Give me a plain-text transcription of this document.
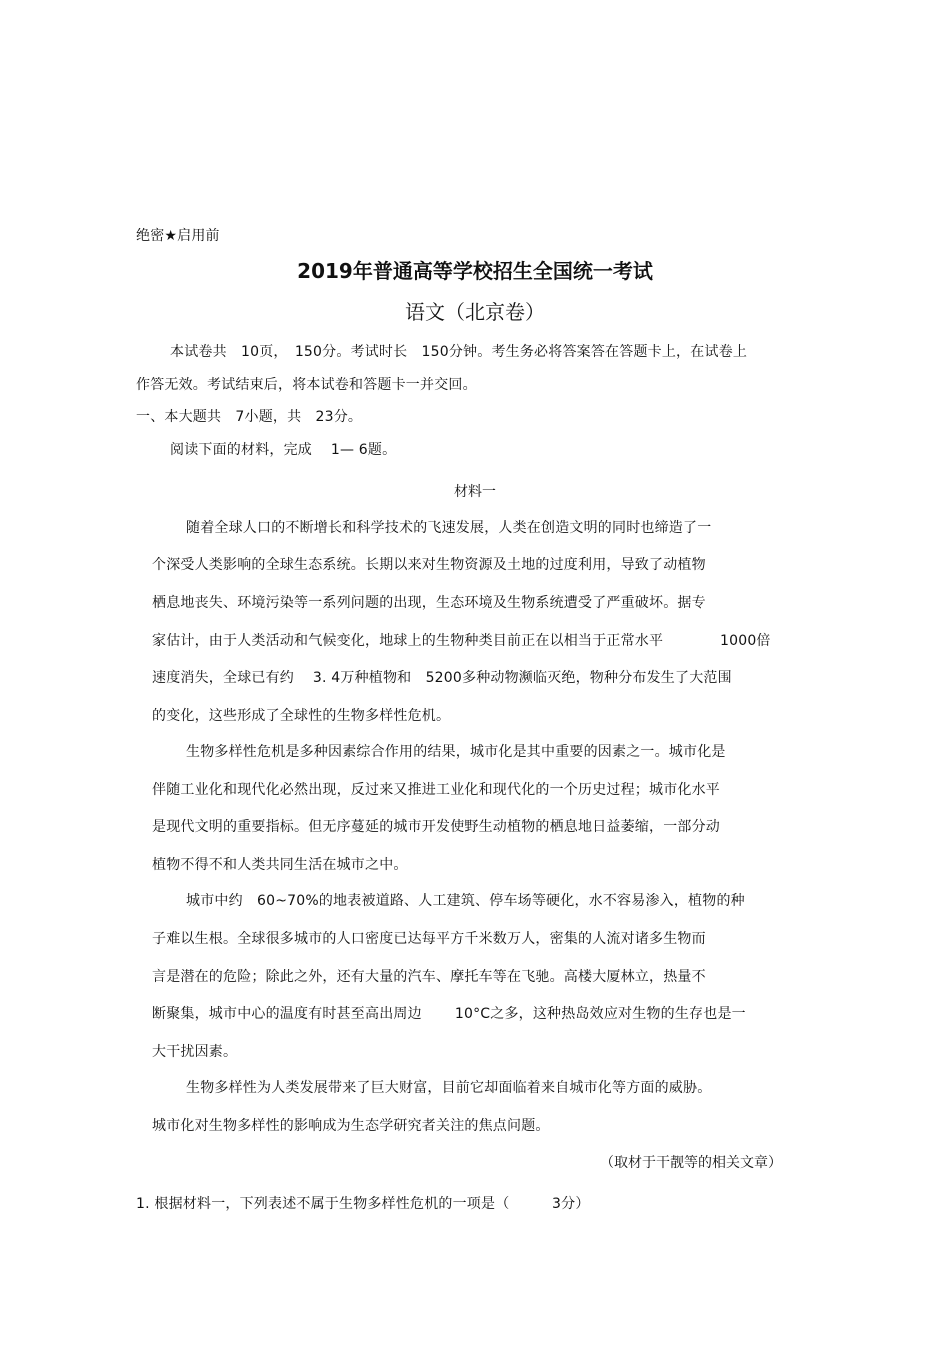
绝密★启用前
2019年普通高等学校招生全国统一考试
语文（北京卷）
本试卷共　10页，　150分。考试时长　150分钟。考生务必将答案答在答题卡上，在试卷上
作答无效。考试结束后，将本试卷和答题卡一并交回。
一、本大题共　7小题，共　23分。
阅读下面的材料，完成　 1— 6题。
材料一
随着全球人口的不断增长和科学技术的飞速发展，人类在创造文明的同时也缔造了一
个深受人类影响的全球生态系统。长期以来对生物资源及土地的过度利用，导致了动植物
栖息地丧失、环境污染等一系列问题的出现，生态环境及生物系统遭受了严重破坏。据专
家估计，由于人类活动和气候变化，地球上的生物种类目前正在以相当于正常水平　　　　1000倍
速度消失，全球已有约　 3. 4万种植物和　5200多种动物濒临灭绝，物种分布发生了大范围
的变化，这些形成了全球性的生物多样性危机。
生物多样性危机是多种因素综合作用的结果，城市化是其中重要的因素之一。城市化是
伴随工业化和现代化必然出现，反过来又推进工业化和现代化的一个历史过程；城市化水平
是现代文明的重要指标。但无序蔓延的城市开发使野生动植物的栖息地日益萎缩，一部分动
植物不得不和人类共同生活在城市之中。
城市中约　60~70%的地表被道路、人工建筑、停车场等硬化，水不容易渗入，植物的种
子难以生根。全球很多城市的人口密度已达每平方千米数万人，密集的人流对诸多生物而
言是潜在的危险；除此之外，还有大量的汽车、摩托车等在飞驰。高楼大厦林立，热量不
断聚集，城市中心的温度有时甚至高出周边　　 10°C之多，这种热岛效应对生物的生存也是一
大干扰因素。
生物多样性为人类发展带来了巨大财富，目前它却面临着来自城市化等方面的威胁。
城市化对生物多样性的影响成为生态学研究者关注的焦点问题。
（取材于干靓等的相关文章）
1. 根据材料一，下列表述不属于生物多样性危机的一项是（　　　3分）
